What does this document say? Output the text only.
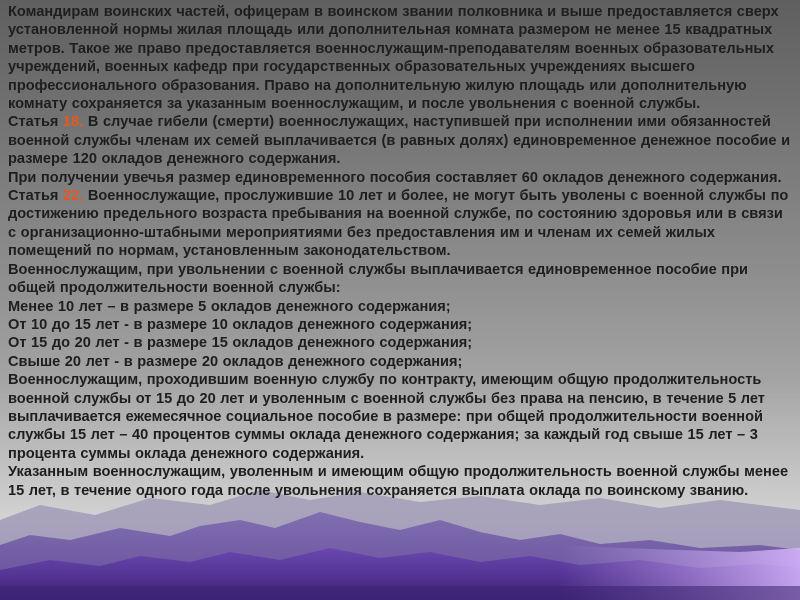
Командирам воинских частей, офицерам в воинском звании полковника и выше предоставляется сверх установленной нормы жилая площадь или дополнительная комната размером не менее 15 квадратных метров. Такое же право предоставляется военнослужащим-преподавателям военных образовательных учреждений, военных кафедр при государственных образовательных учреждениях высшего профессионального образования. Право на дополнительную жилую площадь или дополнительную комнату сохраняется за указанным военнослужащим, и после увольнения с военной службы.

Статья 18. В случае гибели (смерти) военнослужащих, наступившей при исполнении ими обязанностей военной службы членам их семей выплачивается (в равных долях) единовременное денежное пособие и размере 120 окладов денежного содержания.

При получении увечья размер единовременного пособия составляет 60 окладов денежного содержания.

Статья 22. Военнослужащие, прослужившие 10 лет и более, не могут быть уволены с военной службы по достижению предельного возраста пребывания на военной службе, по состоянию здоровья или в связи с организационно-штабными мероприятиями без предоставления им и членам их семей жилых помещений по нормам, установленным законодательством.

Военнослужащим, при увольнении с военной службы выплачивается единовременное пособие при общей продолжительности военной службы:

Менее 10 лет – в размере 5 окладов денежного содержания;

От 10 до 15 лет - в размере 10 окладов денежного содержания;

От 15 до 20 лет - в размере 15 окладов денежного содержания;

Свыше 20 лет - в размере 20 окладов денежного содержания;

Военнослужащим, проходившим военную службу по контракту, имеющим общую продолжительность военной службы от 15 до 20 лет и уволенным с военной службы без права на пенсию, в течение 5 лет выплачивается ежемесячное социальное пособие в размере: при общей продолжительности военной службы 15 лет – 40 процентов суммы оклада денежного содержания; за каждый год свыше 15 лет – 3 процента суммы оклада денежного содержания.

Указанным военнослужащим, уволенным и имеющим общую продолжительность военной службы менее 15 лет, в течение одного года после увольнения сохраняется выплата оклада по воинскому званию.
